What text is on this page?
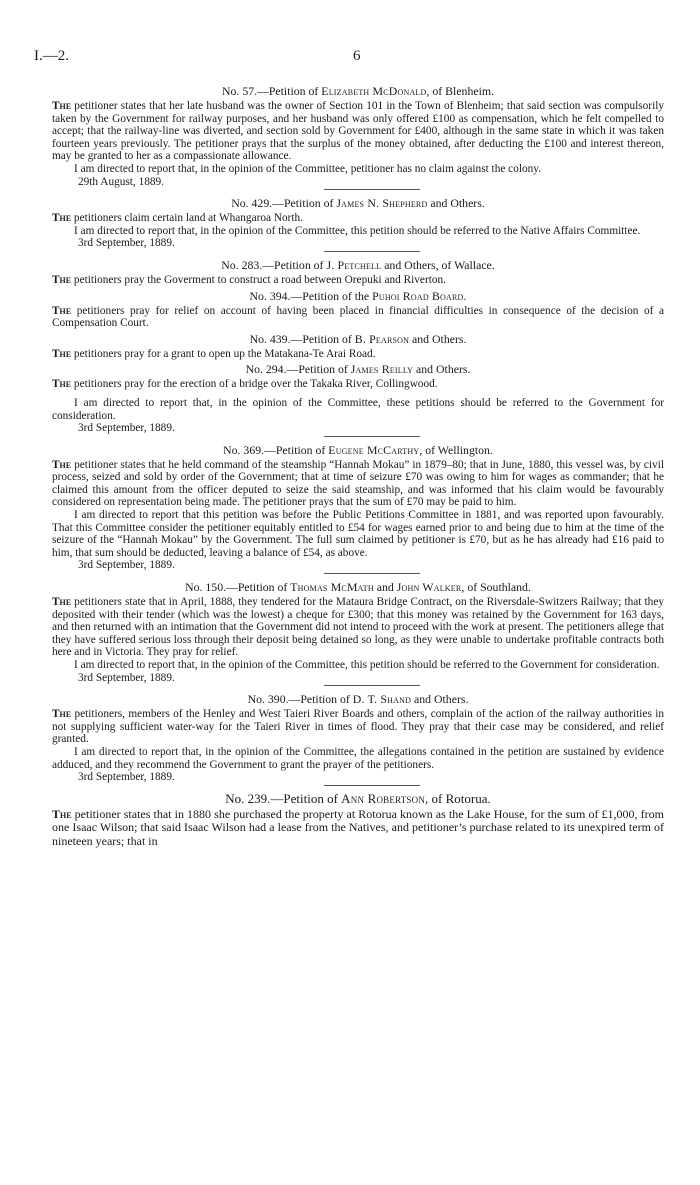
I.—2.	6
No. 57.—Petition of Elizabeth McDonald, of Blenheim.

The petitioner states that her late husband was the owner of Section 101 in the Town of Blenheim; that said section was compulsorily taken by the Government for railway purposes, and her husband was only offered £100 as compensation, which he felt compelled to accept; that the railway-line was diverted, and section sold by Government for £400, although in the same state in which it was taken fourteen years previously. The petitioner prays that the surplus of the money obtained, after deducting the £100 and interest thereon, may be granted to her as a compassionate allowance.

I am directed to report that, in the opinion of the Committee, petitioner has no claim against the colony.

29th August, 1889.

No. 429.—Petition of James N. Shepherd and Others.

The petitioners claim certain land at Whangaroa North.

I am directed to report that, in the opinion of the Committee, this petition should be referred to the Native Affairs Committee.

3rd September, 1889.

No. 283.—Petition of J. Petchell and Others, of Wallace.

The petitioners pray the Goverment to construct a road between Orepuki and Riverton.

No. 394.—Petition of the Puhoi Road Board.

The petitioners pray for relief on account of having been placed in financial difficulties in consequence of the decision of a Compensation Court.

No. 439.—Petition of B. Pearson and Others.

The petitioners pray for a grant to open up the Matakana-Te Arai Road.

No. 294.—Petition of James Reilly and Others.

The petitioners pray for the erection of a bridge over the Takaka River, Collingwood.

I am directed to report that, in the opinion of the Committee, these petitions should be referred to the Government for consideration.

3rd September, 1889.

No. 369.—Petition of Eugene McCarthy, of Wellington.

The petitioner states that he held command of the steamship “Hannah Mokau” in 1879–80; that in June, 1880, this vessel was, by civil process, seized and sold by order of the Government; that at time of seizure £70 was owing to him for wages as commander; that he claimed this amount from the officer deputed to seize the said steamship, and was informed that his claim would be favourably considered on representation being made. The petitioner prays that the sum of £70 may be paid to him.

I am directed to report that this petition was before the Public Petitions Committee in 1881, and was reported upon favourably. That this Committee consider the petitioner equitably entitled to £54 for wages earned prior to and being due to him at the time of the seizure of the “Hannah Mokau” by the Government. The full sum claimed by petitioner is £70, but as he has already had £16 paid to him, that sum should be deducted, leaving a balance of £54, as above.

3rd September, 1889.

No. 150.—Petition of Thomas McMath and John Walker, of Southland.

The petitioners state that in April, 1888, they tendered for the Mataura Bridge Contract, on the Riversdale-Switzers Railway; that they deposited with their tender (which was the lowest) a cheque for £300; that this money was retained by the Government for 163 days, and then returned with an intimation that the Government did not intend to proceed with the work at present. The petitioners allege that they have suffered serious loss through their deposit being detained so long, as they were unable to undertake profitable contracts both here and in Victoria. They pray for relief.

I am directed to report that, in the opinion of the Committee, this petition should be referred to the Government for consideration.

3rd September, 1889.

No. 390.—Petition of D. T. Shand and Others.

The petitioners, members of the Henley and West Taieri River Boards and others, complain of the action of the railway authorities in not supplying sufficient water-way for the Taieri River in times of flood. They pray that their case may be considered, and relief granted.

I am directed to report that, in the opinion of the Committee, the allegations contained in the petition are sustained by evidence adduced, and they recommend the Government to grant the prayer of the petitioners.

3rd September, 1889.

No. 239.—Petition of Ann Robertson, of Rotorua.

The petitioner states that in 1880 she purchased the property at Rotorua known as the Lake House, for the sum of £1,000, from one Isaac Wilson; that said Isaac Wilson had a lease from the Natives, and petitioner’s purchase related to its unexpired term of nineteen years; that in
